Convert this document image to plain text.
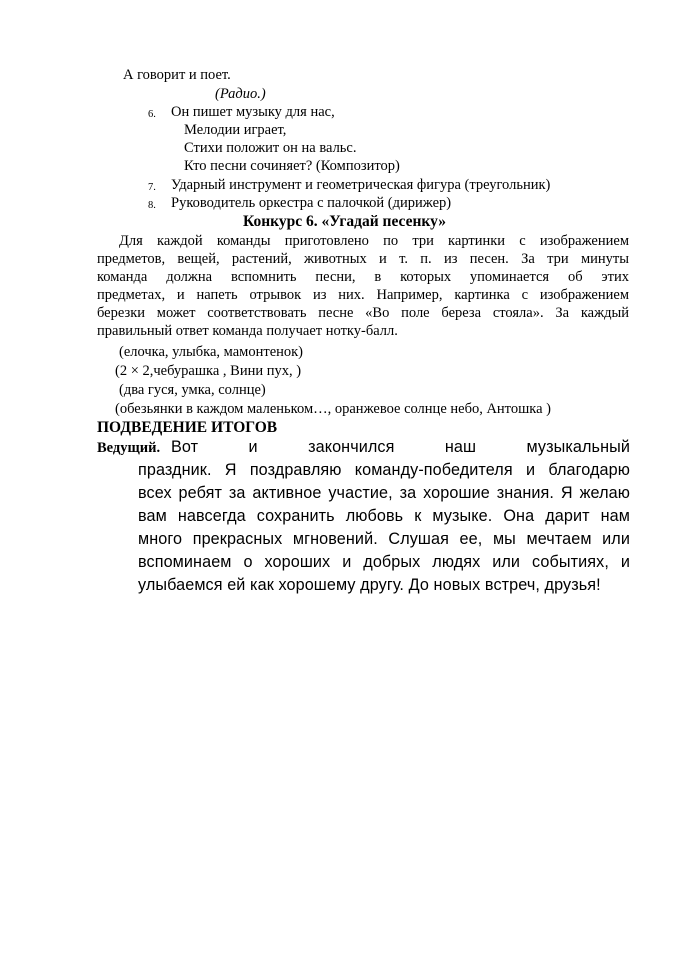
А говорит и поет.
(Радио.)
6. Он пишет музыку для нас,
Мелодии играет,
Стихи положит он на вальс.
Кто песни сочиняет? (Композитор)
7. Ударный инструмент и геометрическая фигура (треугольник)
8. Руководитель оркестра с палочкой (дирижер)
Конкурс 6. «Угадай песенку»
Для каждой команды приготовлено по три картинки с изображением
предметов, вещей, растений, животных и т. п. из песен. За три минуты
команда должна вспомнить песни, в которых упоминается об этих
предметах, и напеть отрывок из них. Например, картинка с изображением
березки может соответствовать песне «Во поле береза стояла». За каждый
правильный ответ команда получает нотку-балл.
(елочка, улыбка, мамонтенок)
(2 × 2,чебурашка , Вини пух, )
(два гуся, умка, солнце)
(обезьянки в каждом маленьком…, оранжевое солнце небо, Антошка )
ПОДВЕДЕНИЕ ИТОГОВ
Ведущий. Вот и закончился наш музыкальный
праздник. Я поздравляю команду-победителя и благодарю
всех ребят за активное участие, за хорошие знания. Я желаю
вам навсегда сохранить любовь к музыке. Она дарит нам
много прекрасных мгновений. Слушая ее, мы мечтаем или
вспоминаем о хороших и добрых людях или событиях, и
улыбаемся ей как хорошему другу. До новых встреч, друзья!
